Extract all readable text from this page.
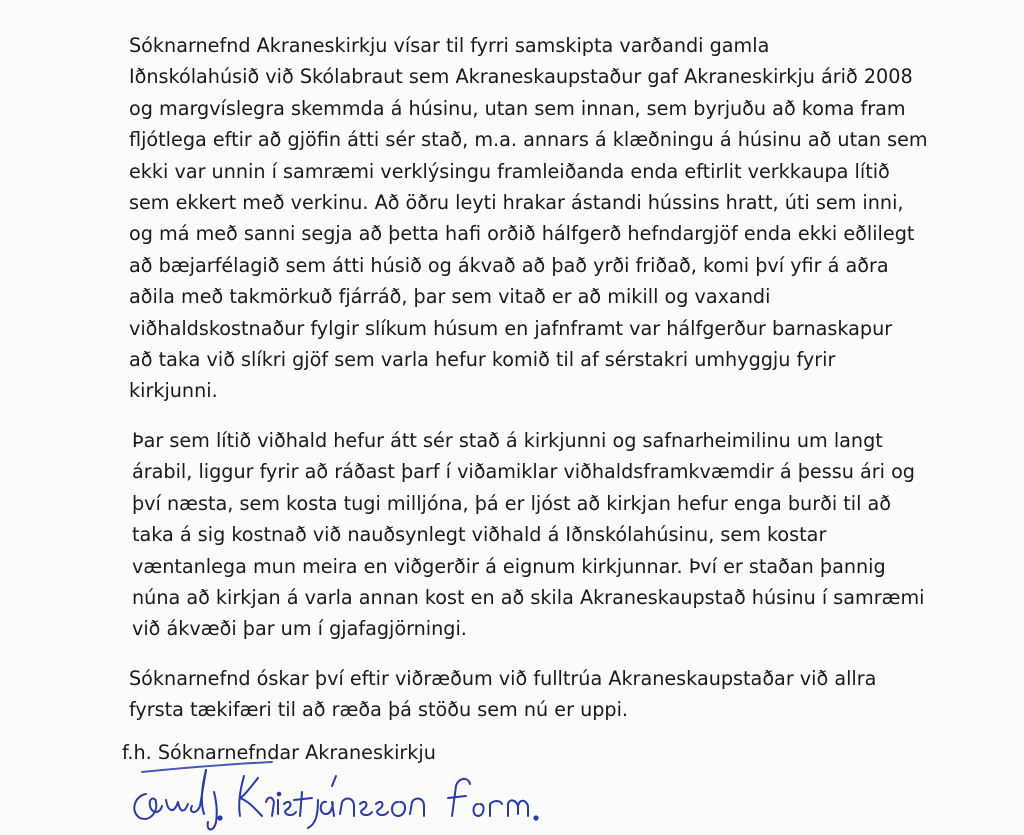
Sóknarnefnd Akraneskirkju vísar til fyrri samskipta varðandi gamla
Iðnskólahúsið við Skólabraut sem Akraneskaupstaður gaf Akraneskirkju árið 2008
og margvíslegra skemmda á húsinu, utan sem innan, sem byrjuðu að koma fram
fljótlega eftir að gjöfin átti sér stað, m.a. annars á klæðningu á húsinu að utan sem
ekki var unnin í samræmi verklýsingu framleiðanda enda eftirlit verkkaupa lítið
sem ekkert með verkinu. Að öðru leyti hrakar ástandi hússins hratt, úti sem inni,
og má með sanni segja að þetta hafi orðið hálfgerð hefndargjöf enda ekki eðlilegt
að bæjarfélagið sem átti húsið og ákvað að það yrði friðað, komi því yfir á aðra
aðila með takmörkuð fjárráð, þar sem vitað er að mikill og vaxandi
viðhaldskostnaður fylgir slíkum húsum en jafnframt var hálfgerður barnaskapur
að taka við slíkri gjöf sem varla hefur komið til af sérstakri umhyggju fyrir
kirkjunni.

Þar sem lítið viðhald hefur átt sér stað á kirkjunni og safnarheimilinu um langt
árabil, liggur fyrir að ráðast þarf í viðamiklar viðhaldsframkvæmdir á þessu ári og
því næsta, sem kosta tugi milljóna, þá er ljóst að kirkjan hefur enga burði til að
taka á sig kostnað við nauðsynlegt viðhald á Iðnskólahúsinu, sem kostar
væntanlega mun meira en viðgerðir á eignum kirkjunnar. Því er staðan þannig
núna að kirkjan á varla annan kost en að skila Akraneskaupstað húsinu í samræmi
við ákvæði þar um í gjafagjörningi.

Sóknarnefnd óskar því eftir viðræðum við fulltrúa Akraneskaupstaðar við allra
fyrsta tækifæri til að ræða þá stöðu sem nú er uppi.

f.h. Sóknarnefndar Akraneskirkju
